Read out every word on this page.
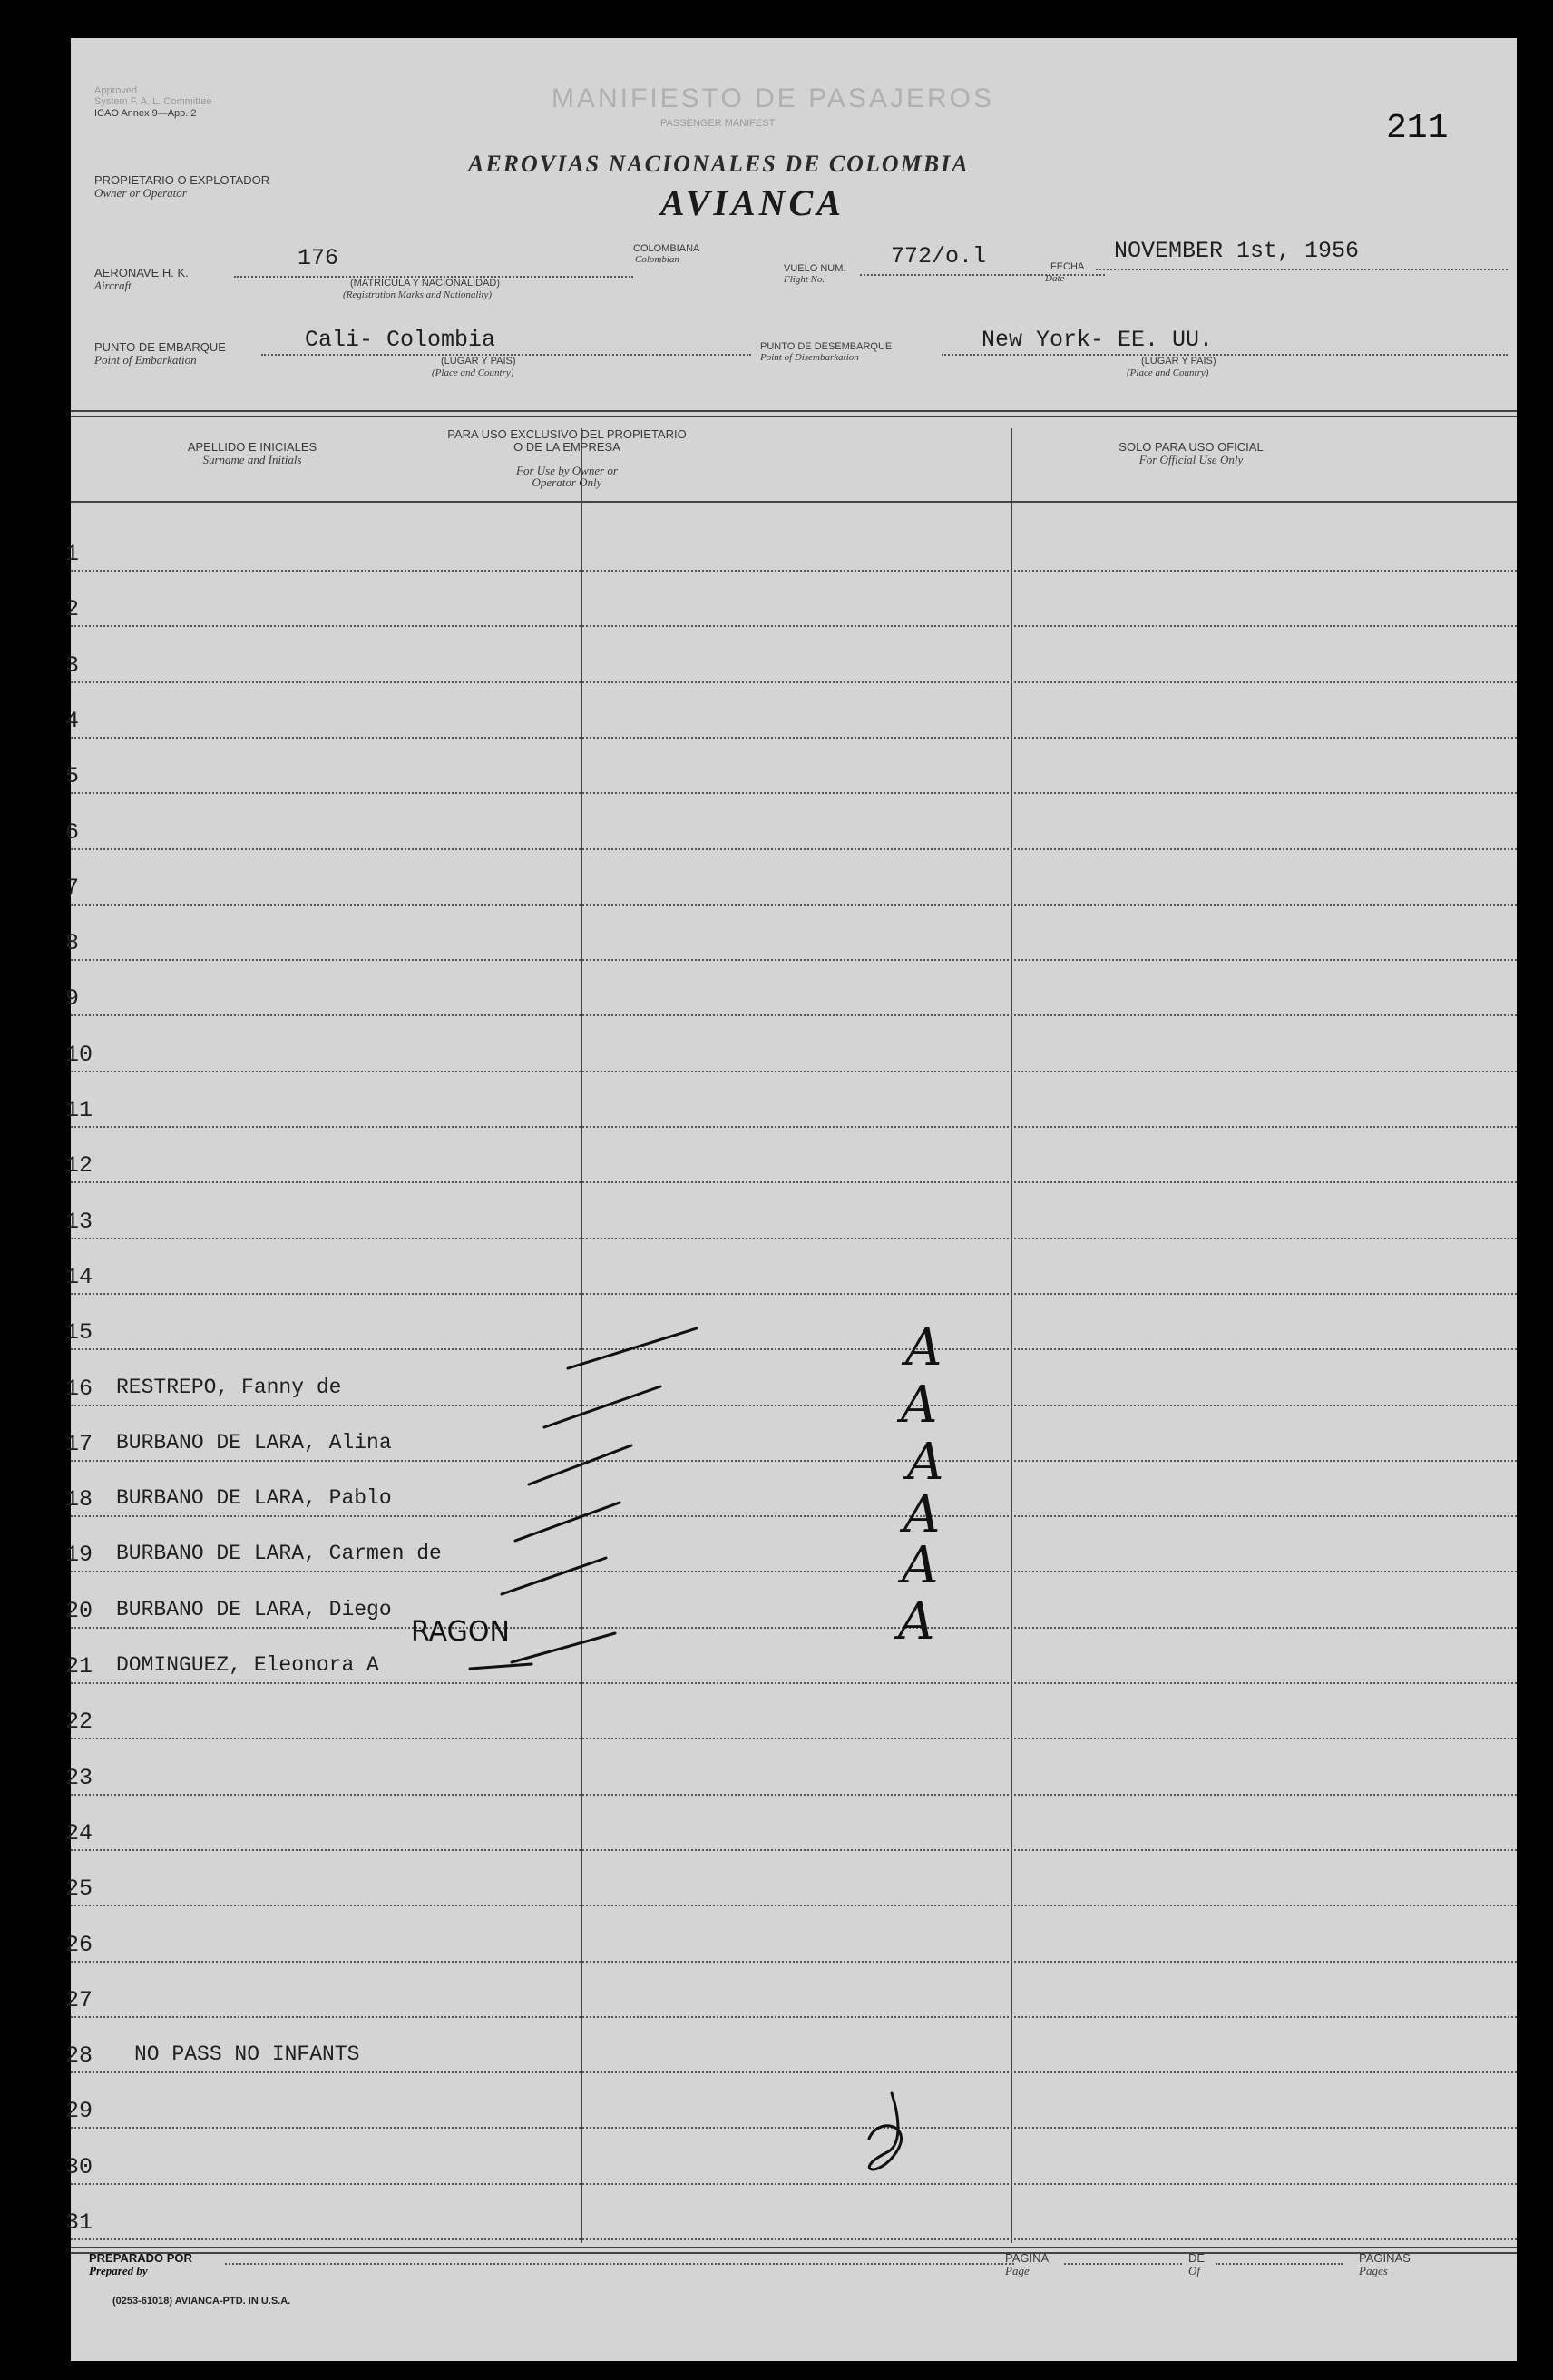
Approved
System F. A. L. Committee
ICAO Annex 9—App. 2	MANIFIESTO DE PASAJEROS
PASSENGER MANIFEST	211
PROPIETARIO O EXPLOTADOR
Owner or Operator
AEROVIAS NACIONALES DE COLOMBIA
AVIANCA
AERONAVE H. K.
Aircraft
176
(MATRICULA Y NACIONALIDAD)
(Registration Marks and Nationality)
COLOMBIANA
Colombian
VUELO NUM.
Flight No.
772/o.l	FECHA
Date
NOVEMBER 1st, 1956
PUNTO DE EMBARQUE
Point of Embarkation
Cali- Colombia
(LUGAR Y PAIS)
(Place and Country)
PUNTO DE DESEMBARQUE
Point of Disembarkation
New York- EE. UU.
(LUGAR Y PAIS)
(Place and Country)
APELLIDO E INICIALES
Surname and Initials
PARA USO EXCLUSIVO DEL PROPIETARIO
O DE LA EMPRESA
For Use by Owner or
Operator Only
SOLO PARA USO OFICIAL
For Official Use Only
1
2
3
4
5
6
7
8
9
10
11
12
13
14
15
16 RESTREPO, Fanny de
17 BURBANO DE LARA, Alina
18 BURBANO DE LARA, Pablo
19 BURBANO DE LARA, Carmen de
20 BURBANO DE LARA, Diego
21 DOMINGUEZ, Eleonora A
22
23
24
25
26
27
28 NO PASS NO INFANTS
29
30
31
A
A
A
A
A
A
RAGON
PREPARADO POR
Prepared by
PAGINA
Page
DE
Of
PAGINAS
Pages
(0253-61018) AVIANCA-PTD. IN U.S.A.
